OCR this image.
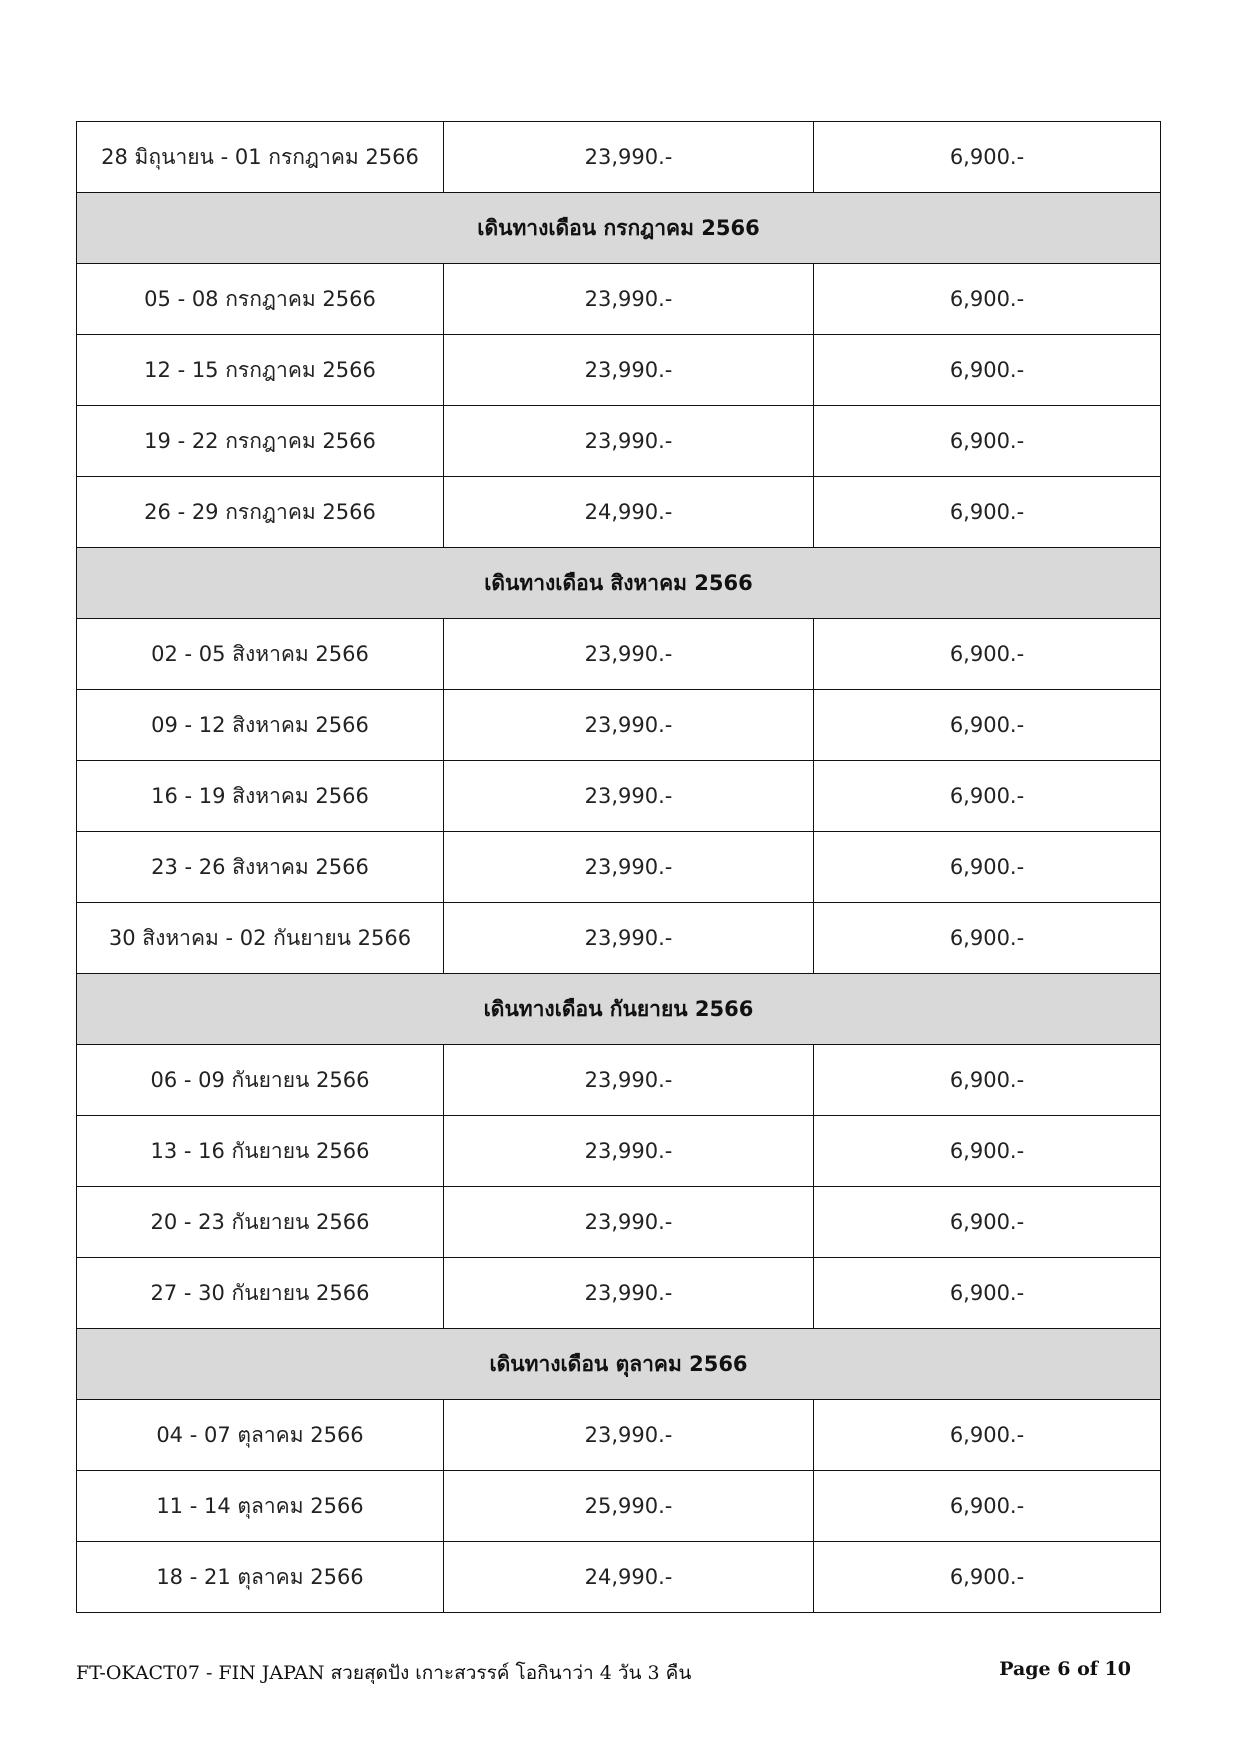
28 มิถุนายน - 01 กรกฎาคม 2566	23,990.-	6,900.-
เดินทางเดือน กรกฎาคม 2566		
05 - 08 กรกฎาคม 2566	23,990.-	6,900.-
12 - 15 กรกฎาคม 2566	23,990.-	6,900.-
19 - 22 กรกฎาคม 2566	23,990.-	6,900.-
26 - 29 กรกฎาคม 2566	24,990.-	6,900.-
เดินทางเดือน สิงหาคม 2566		
02 - 05 สิงหาคม 2566	23,990.-	6,900.-
09 - 12 สิงหาคม 2566	23,990.-	6,900.-
16 - 19 สิงหาคม 2566	23,990.-	6,900.-
23 - 26 สิงหาคม 2566	23,990.-	6,900.-
30 สิงหาคม - 02 กันยายน 2566	23,990.-	6,900.-
เดินทางเดือน กันยายน 2566		
06 - 09 กันยายน 2566	23,990.-	6,900.-
13 - 16 กันยายน 2566	23,990.-	6,900.-
20 - 23 กันยายน 2566	23,990.-	6,900.-
27 - 30 กันยายน 2566	23,990.-	6,900.-
เดินทางเดือน ตุลาคม 2566		
04 - 07 ตุลาคม 2566	23,990.-	6,900.-
11 - 14 ตุลาคม 2566	25,990.-	6,900.-
18 - 21 ตุลาคม 2566	24,990.-	6,900.-
FT-OKACT07 - FIN JAPAN สวยสุดปัง เกาะสวรรค์ โอกินาว่า 4 วัน 3 คืน	Page 6 of 10
